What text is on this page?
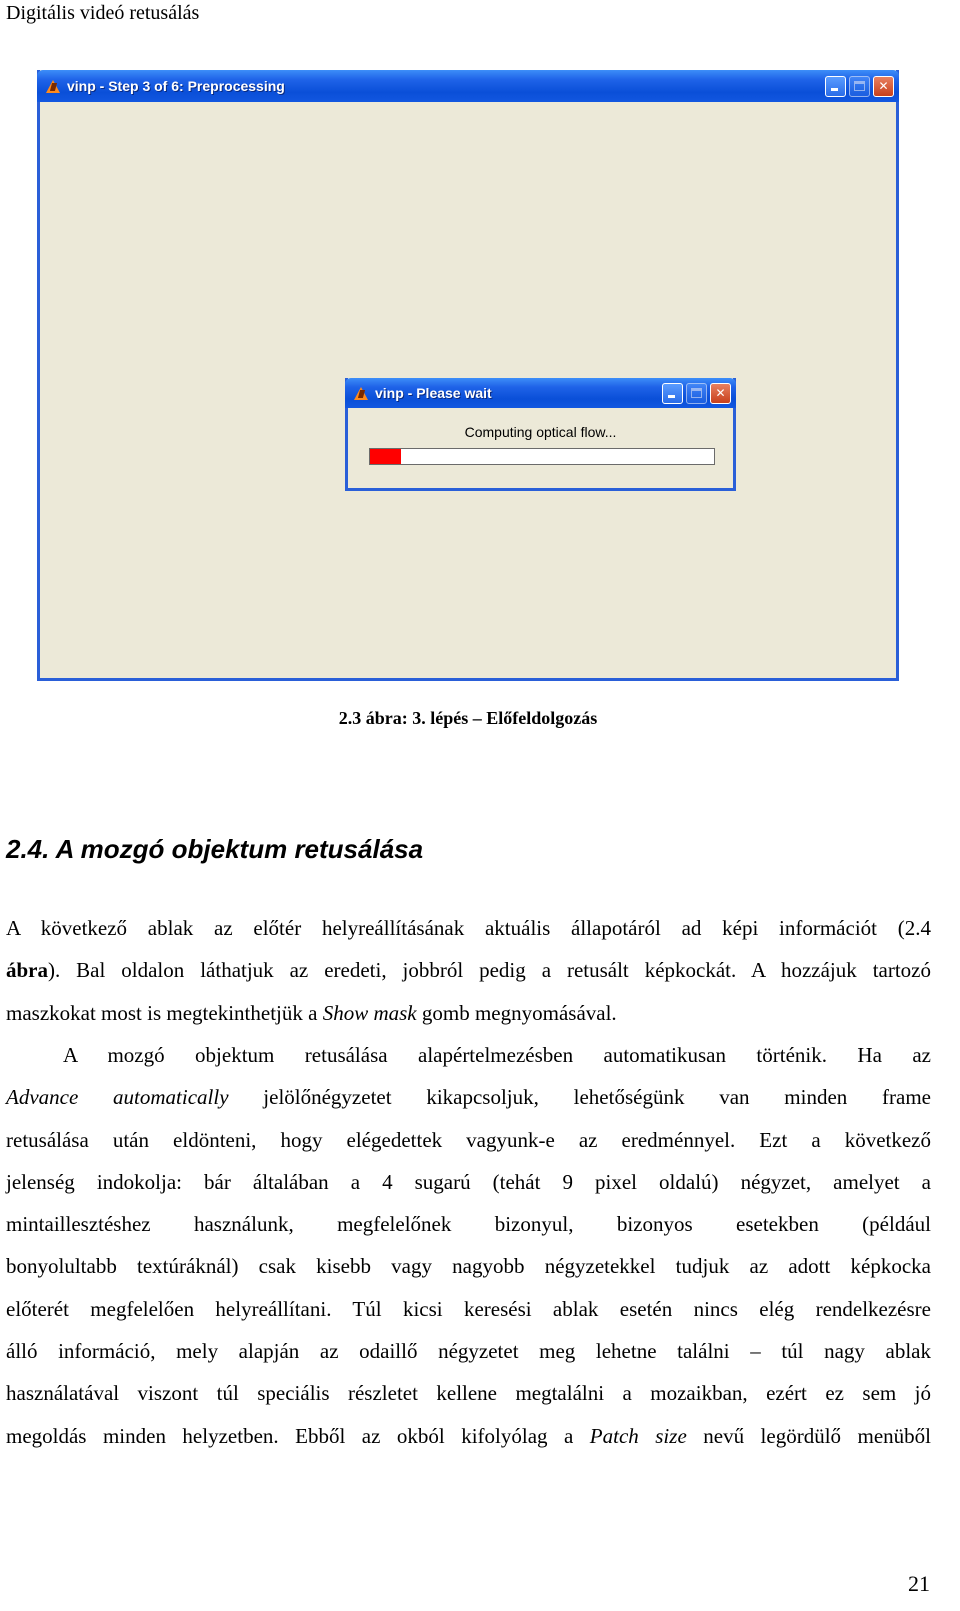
Digitális videó retusálás
vinp - Step 3 of 6: Preprocessing	✕
vinp - Please wait	✕
Computing optical flow...
2.3 ábra: 3. lépés – Előfeldolgozás
2.4. A mozgó objektum retusálása
A következő ablak az előtér helyreállításának aktuális állapotáról ad képi információt (2.4
ábra). Bal oldalon láthatjuk az eredeti, jobbról pedig a retusált képkockát. A hozzájuk tartozó
maszkokat most is megtekinthetjük a Show mask gomb megnyomásával.
A mozgó objektum retusálása alapértelmezésben automatikusan történik. Ha az
Advance automatically jelölőnégyzetet kikapcsoljuk, lehetőségünk van minden frame
retusálása után eldönteni, hogy elégedettek vagyunk-e az eredménnyel. Ezt a következő
jelenség indokolja: bár általában a 4 sugarú (tehát 9 pixel oldalú) négyzet, amelyet a
mintaillesztéshez használunk, megfelelőnek bizonyul, bizonyos esetekben (például
bonyolultabb textúráknál) csak kisebb vagy nagyobb négyzetekkel tudjuk az adott képkocka
előterét megfelelően helyreállítani. Túl kicsi keresési ablak esetén nincs elég rendelkezésre
álló információ, mely alapján az odaillő négyzetet meg lehetne találni – túl nagy ablak
használatával viszont túl speciális részletet kellene megtalálni a mozaikban, ezért ez sem jó
megoldás minden helyzetben. Ebből az okból kifolyólag a Patch size nevű legördülő menüből
21
